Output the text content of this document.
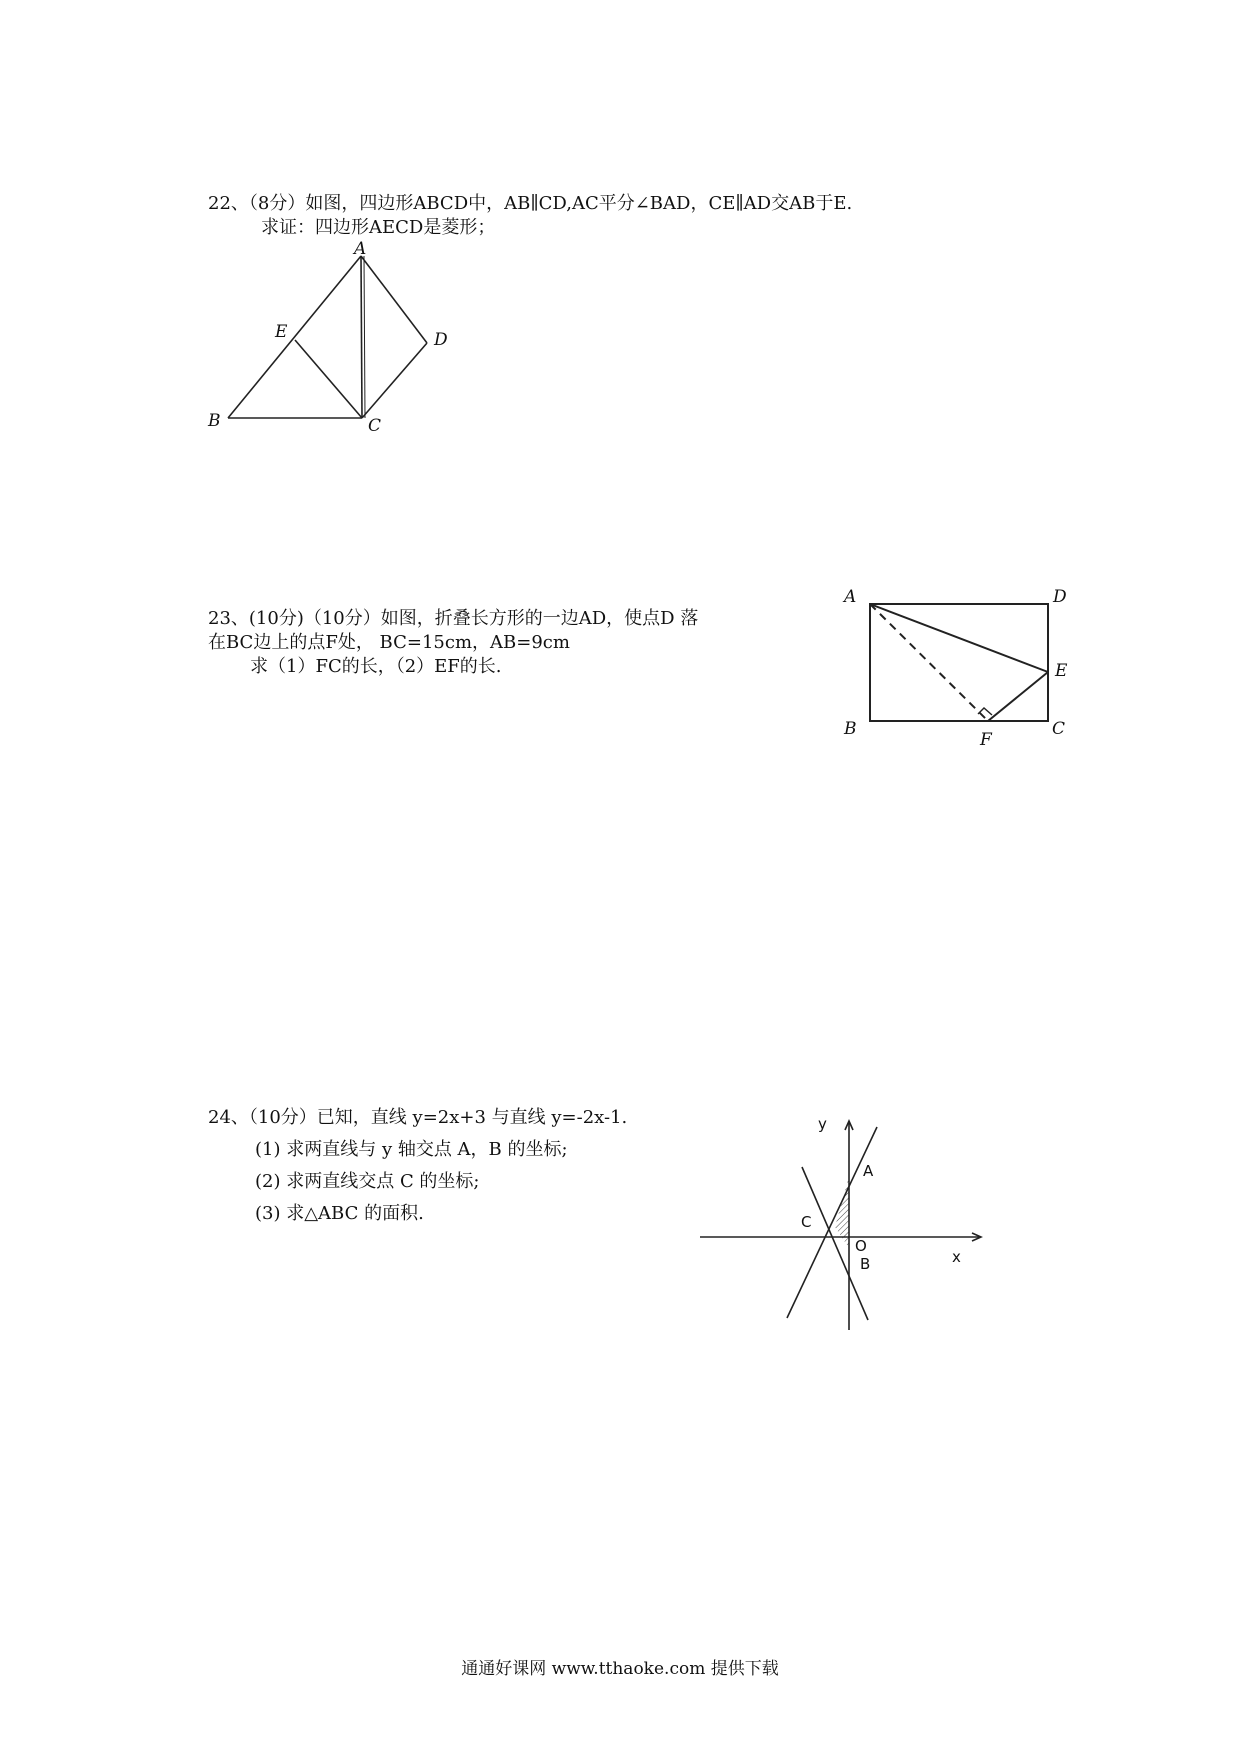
22、（8分）如图，四边形ABCD中，AB∥CD,AC平分∠BAD，CE∥AD交AB于E.
求证：四边形AECD是菱形；
A
B	C
D
E
23、(10分)（10分）如图，折叠长方形的一边AD，使点D 落
在BC边上的点F处， BC=15cm，AB=9cm
求（1）FC的长，（2）EF的长.
A	D
B	C
E
F
24、（10分）已知，直线 y=2x+3 与直线 y=-2x-1.
(1) 求两直线与 y 轴交点 A，B 的坐标;
(2) 求两直线交点 C 的坐标;
(3) 求△ABC 的面积.
y
x
A
C
O
B
通通好课网 www.tthaoke.com 提供下载
